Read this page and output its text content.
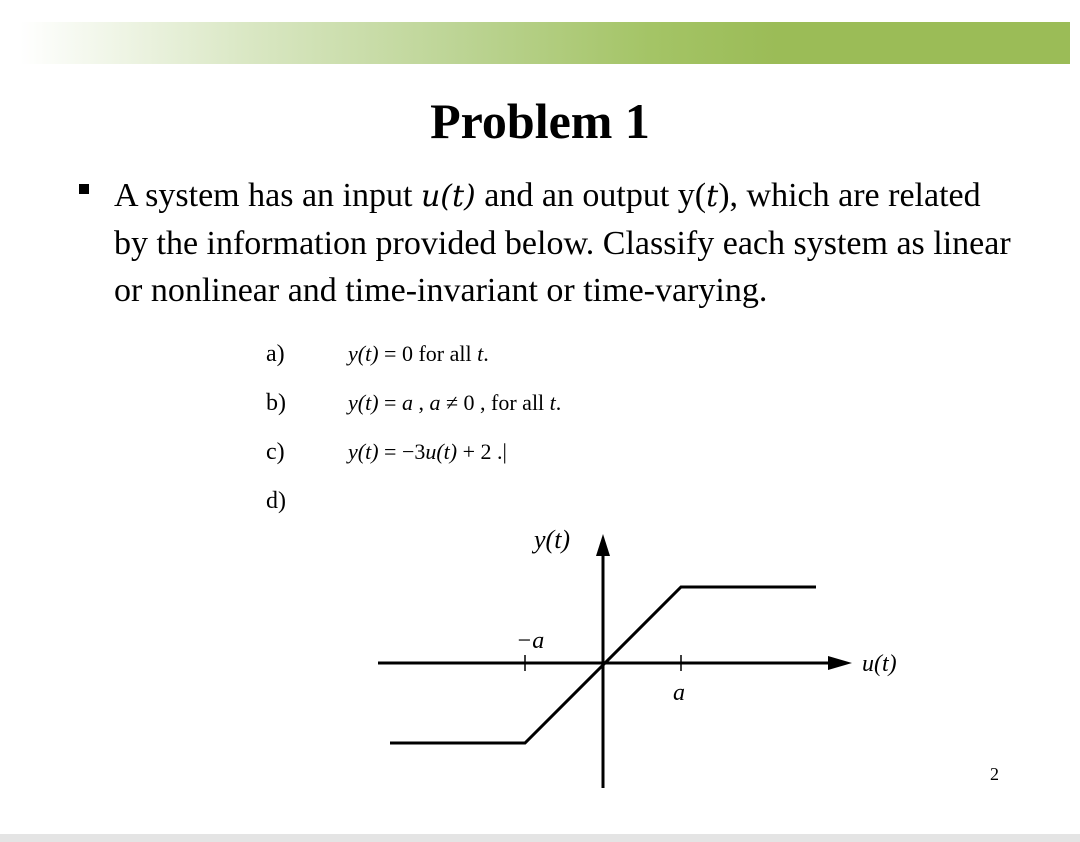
Problem 1
A system has an input u(t) and an output y(t), which are related by the information provided below. Classify each system as linear or nonlinear and time-invariant or time-varying.
a)	y(t) = 0 for all t.
b)	y(t) = a , a ≠ 0 , for all t.
c)	y(t) = −3u(t) + 2 .|
d)
y(t)
u(t)
−a
a
2
